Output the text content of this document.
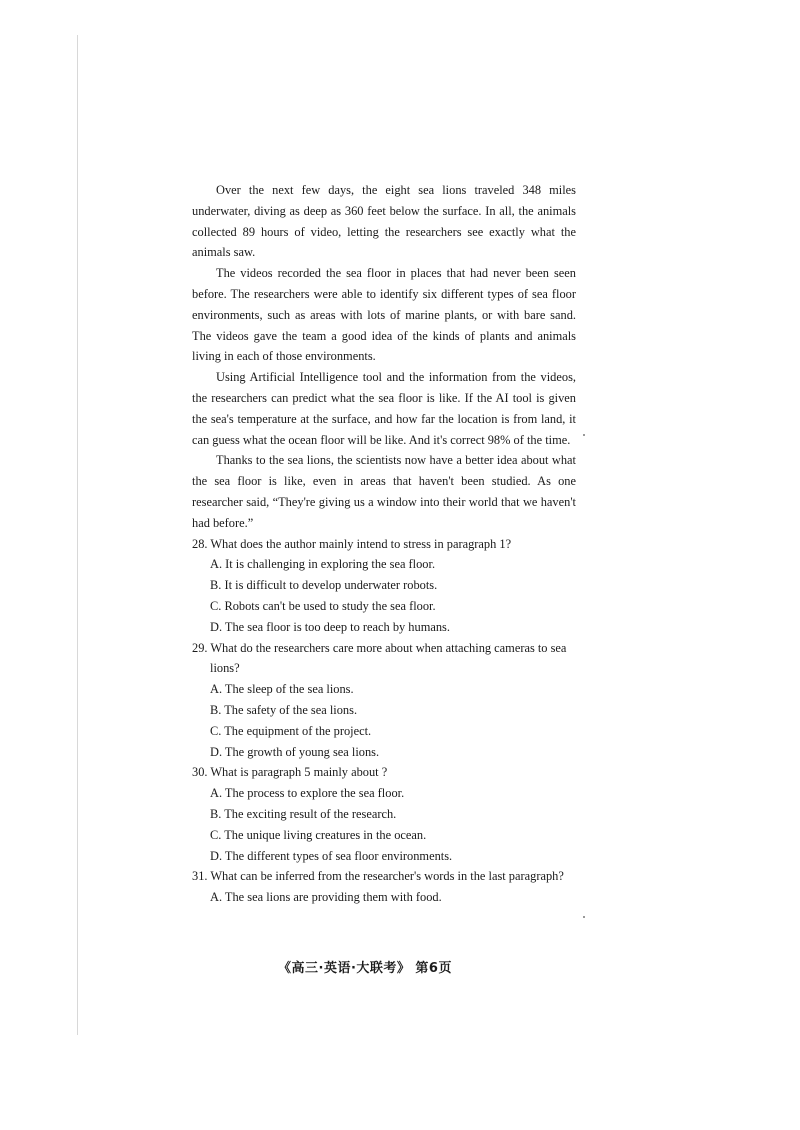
Over the next few days, the eight sea lions traveled 348 miles underwater, diving as deep as 360 feet below the surface. In all, the animals collected 89 hours of video, letting the researchers see exactly what the animals saw.

The videos recorded the sea floor in places that had never been seen before. The researchers were able to identify six different types of sea floor environments, such as areas with lots of marine plants, or with bare sand. The videos gave the team a good idea of the kinds of plants and animals living in each of those environments.

Using Artificial Intelligence tool and the information from the videos, the researchers can predict what the sea floor is like. If the AI tool is given the sea's temperature at the surface, and how far the location is from land, it can guess what the ocean floor will be like. And it's correct 98% of the time.

Thanks to the sea lions, the scientists now have a better idea about what the sea floor is like, even in areas that haven't been studied. As one researcher said, “They're giving us a window into their world that we haven't had before.”

28. What does the author mainly intend to stress in paragraph 1?
A. It is challenging in exploring the sea floor.
B. It is difficult to develop underwater robots.
C. Robots can't be used to study the sea floor.
D. The sea floor is too deep to reach by humans.
29. What do the researchers care more about when attaching cameras to sea lions?
A. The sleep of the sea lions.
B. The safety of the sea lions.
C. The equipment of the project.
D. The growth of young sea lions.
30. What is paragraph 5 mainly about ?
A. The process to explore the sea floor.
B. The exciting result of the research.
C. The unique living creatures in the ocean.
D. The different types of sea floor environments.
31. What can be inferred from the researcher's words in the last paragraph?
A. The sea lions are providing them with food.
《高三·英语·大联考》 第6页
